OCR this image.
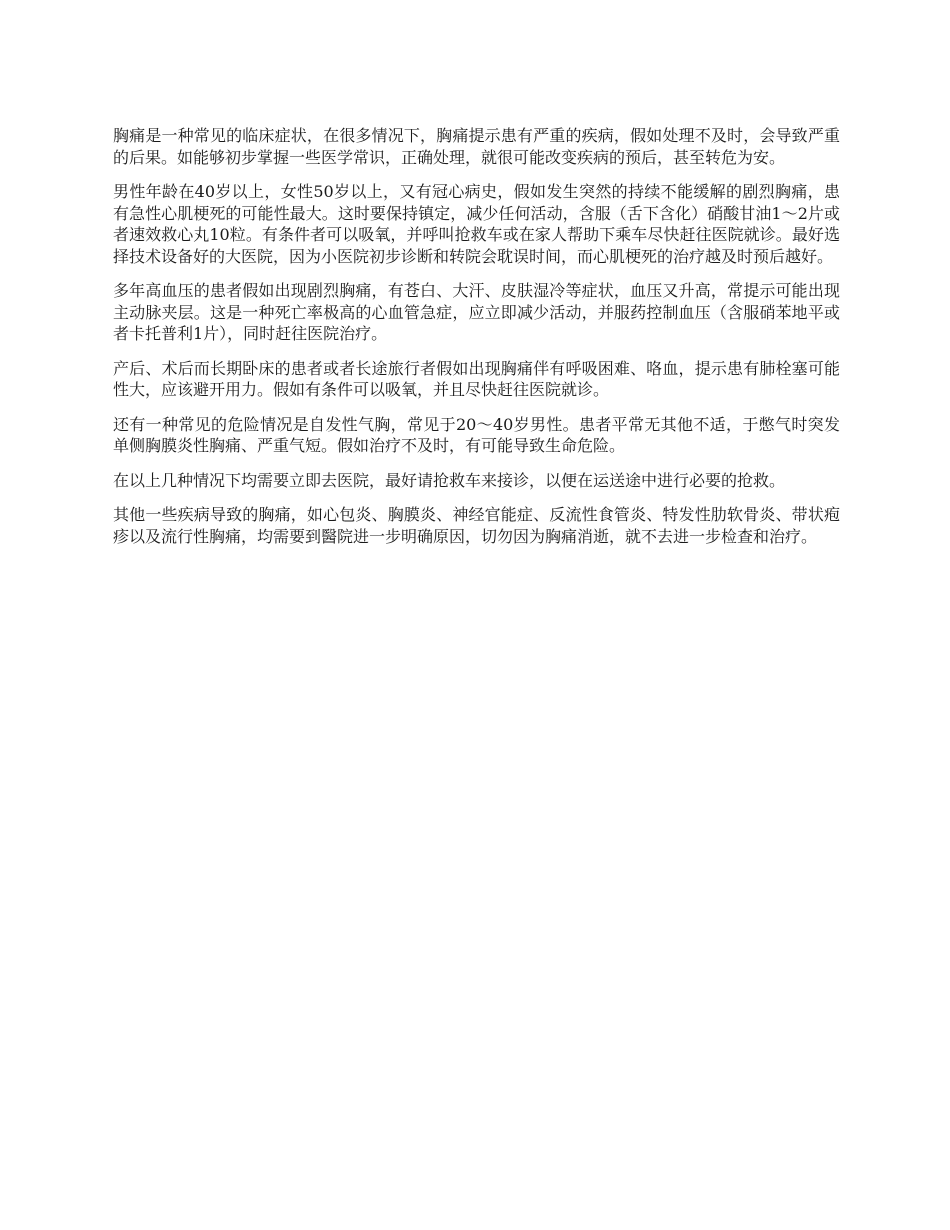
胸痛是一种常见的临床症状，在很多情况下，胸痛提示患有严重的疾病，假如处理不及时，会导致严重的后果。如能够初步掌握一些医学常识，正确处理，就很可能改变疾病的预后，甚至转危为安。

男性年龄在40岁以上，女性50岁以上，又有冠心病史，假如发生突然的持续不能缓解的剧烈胸痛，患有急性心肌梗死的可能性最大。这时要保持镇定，减少任何活动，含服（舌下含化）硝酸甘油1～2片或者速效救心丸10粒。有条件者可以吸氧，并呼叫抢救车或在家人帮助下乘车尽快赶往医院就诊。最好选择技术设备好的大医院，因为小医院初步诊断和转院会耽误时间，而心肌梗死的治疗越及时预后越好。

多年高血压的患者假如出现剧烈胸痛，有苍白、大汗、皮肤湿冷等症状，血压又升高，常提示可能出现主动脉夹层。这是一种死亡率极高的心血管急症，应立即减少活动，并服药控制血压（含服硝苯地平或者卡托普利1片），同时赶往医院治疗。

产后、术后而长期卧床的患者或者长途旅行者假如出现胸痛伴有呼吸困难、咯血，提示患有肺栓塞可能性大，应该避开用力。假如有条件可以吸氧，并且尽快赶往医院就诊。

还有一种常见的危险情况是自发性气胸，常见于20～40岁男性。患者平常无其他不适，于憋气时突发单侧胸膜炎性胸痛、严重气短。假如治疗不及时，有可能导致生命危险。

在以上几种情况下均需要立即去医院，最好请抢救车来接诊，以便在运送途中进行必要的抢救。

其他一些疾病导致的胸痛，如心包炎、胸膜炎、神经官能症、反流性食管炎、特发性肋软骨炎、带状疱疹以及流行性胸痛，均需要到醫院进一步明确原因，切勿因为胸痛消逝，就不去进一步检查和治疗。
